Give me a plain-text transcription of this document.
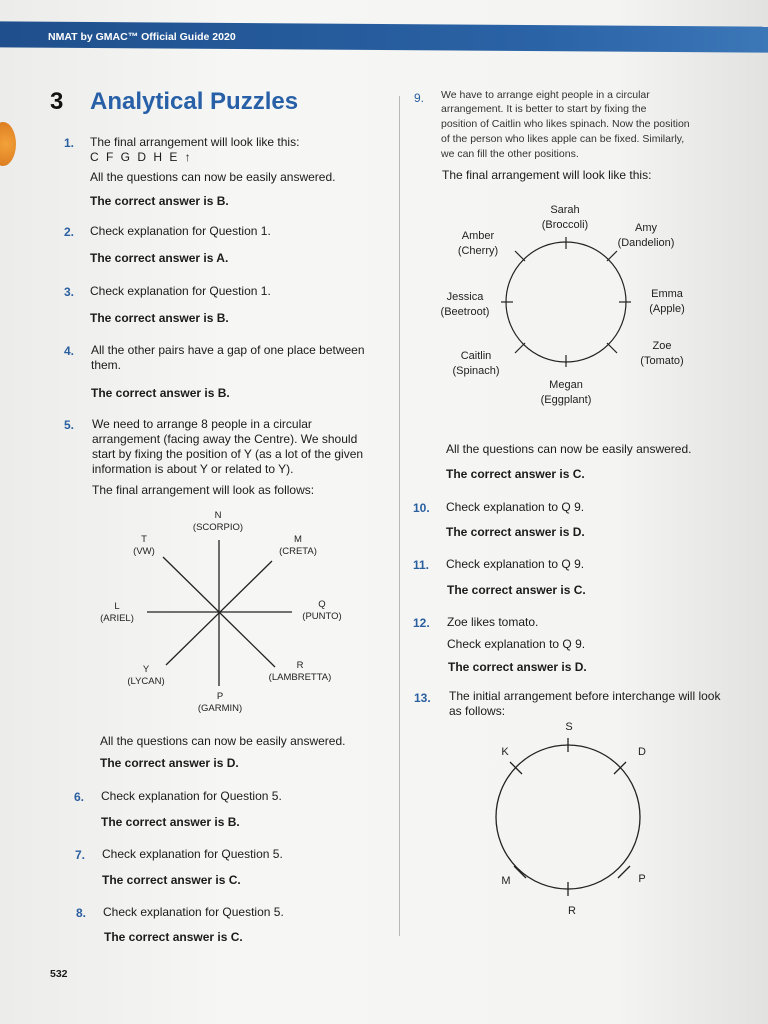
NMAT by GMAC™ Official Guide 2020
3 Analytical Puzzles
1. The final arrangement will look like this:
C F G D H E ↑
All the questions can now be easily answered.
The correct answer is B.
2. Check explanation for Question 1.
The correct answer is A.
3. Check explanation for Question 1.
The correct answer is B.
4. All the other pairs have a gap of one place between
them.
The correct answer is B.
5. We need to arrange 8 people in a circular
arrangement (facing away the Centre). We should
start by fixing the position of Y (as a lot of the given
information is about Y or related to Y).
The final arrangement will look as follows:
N
(SCORPIO)
M
(CRETA)
T
(VW)
L
(ARIEL)
Q
(PUNTO)
Y
(LYCAN)
R
(LAMBRETTA)
P
(GARMIN)
All the questions can now be easily answered.
The correct answer is D.
6. Check explanation for Question 5.
The correct answer is B.
7. Check explanation for Question 5.
The correct answer is C.
8. Check explanation for Question 5.
The correct answer is C.
532
9. We have to arrange eight people in a circular
arrangement. It is better to start by fixing the
position of Caitlin who likes spinach. Now the position
of the person who likes apple can be fixed. Similarly,
we can fill the other positions.
The final arrangement will look like this:
Sarah
(Broccoli)	Amy
(Dandelion)
Amber
(Cherry)
Jessica
(Beetroot)
Emma
(Apple)
Caitlin
(Spinach)
Zoe
(Tomato)
Megan
(Eggplant)
All the questions can now be easily answered.
The correct answer is C.
10. Check explanation to Q 9.
The correct answer is D.
11. Check explanation to Q 9.
The correct answer is C.
12. Zoe likes tomato.
Check explanation to Q 9.
The correct answer is D.
13. The initial arrangement before interchange will look
as follows:
S
K	D
M	P
R
